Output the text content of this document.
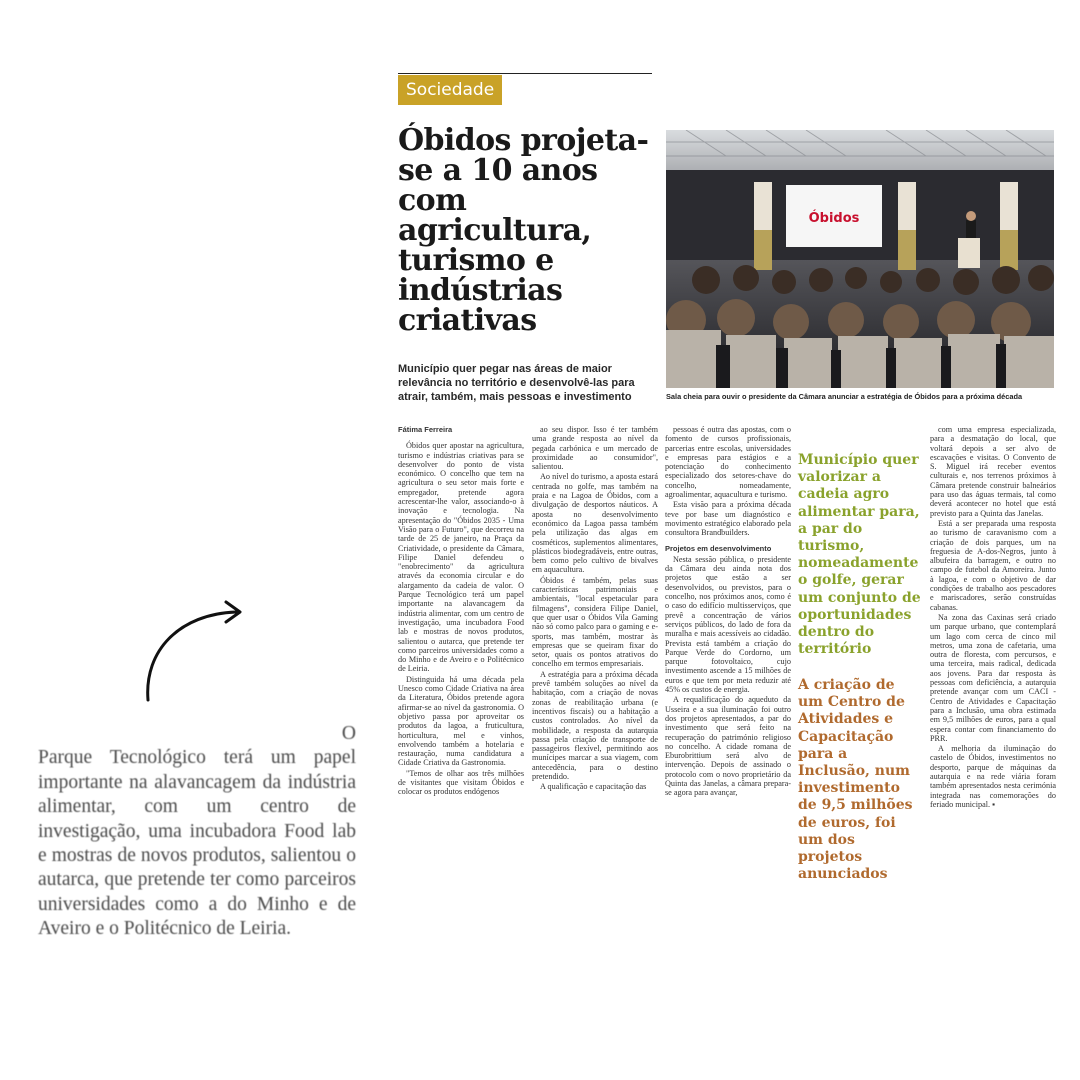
Sociedade
Óbidos projeta-se a 10 anos com agricultura, turismo e indústrias criativas
Município quer pegar nas áreas de maior relevância no território e desenvolvê-las para atrair, também, mais pessoas e investimento
Óbidos
Sala cheia para ouvir o presidente da Câmara anunciar a estratégia de Óbidos para a próxima década

Fátima Ferreira

Óbidos quer apostar na agricultura, turismo e indústrias criativas para se desenvolver do ponto de vista económico. O concelho que tem na agricultura o seu setor mais forte e empregador, pretende agora acrescentar-lhe valor, associando-o à inovação e tecnologia. Na apresentação do "Óbidos 2035 - Uma Visão para o Futuro", que decorreu na tarde de 25 de janeiro, na Praça da Criatividade, o presidente da Câmara, Filipe Daniel defendeu o "enobrecimento" da agricultura através da economia circular e do alargamento da cadeia de valor. O Parque Tecnológico terá um papel importante na alavancagem da indústria alimentar, com um centro de investigação, uma incubadora Food lab e mostras de novos produtos, salientou o autarca, que pretende ter como parceiros universidades como a do Minho e de Aveiro e o Politécnico de Leiria.

Distinguida há uma década pela Unesco como Cidade Criativa na área da Literatura, Óbidos pretende agora afirmar-se ao nível da gastronomia. O objetivo passa por aproveitar os produtos da lagoa, a fruticultura, horticultura, mel e vinhos, envolvendo também a hotelaria e restauração, numa candidatura a Cidade Criativa da Gastronomia.

"Temos de olhar aos três milhões de visitantes que visitam Óbidos e colocar os produtos endógenos

ao seu dispor. Isso é ter também uma grande resposta ao nível da pegada carbónica e um mercado de proximidade ao consumidor", salientou.

Ao nível do turismo, a aposta estará centrada no golfe, mas também na praia e na Lagoa de Óbidos, com a divulgação de desportos náuticos. A aposta no desenvolvimento económico da Lagoa passa também pela utilização das algas em cosméticos, suplementos alimentares, plásticos biodegradáveis, entre outras, bem como pelo cultivo de bivalves em aquacultura.

Óbidos é também, pelas suas características patrimoniais e ambientais, "local espetacular para filmagens", considera Filipe Daniel, que quer usar o Óbidos Vila Gaming não só como palco para o gaming e e-sports, mas também, mostrar às empresas que se queiram fixar do setor, quais os pontos atrativos do concelho em termos empresariais.

A estratégia para a próxima década prevê também soluções ao nível da habitação, com a criação de novas zonas de reabilitação urbana (e incentivos fiscais) ou a habitação a custos controlados. Ao nível da mobilidade, a resposta da autarquia passa pela criação de transporte de passageiros flexível, permitindo aos munícipes marcar a sua viagem, com antecedência, para o destino pretendido.

A qualificação e capacitação das

pessoas é outra das apostas, com o fomento de cursos profissionais, parcerias entre escolas, universidades e empresas para estágios e a potenciação do conhecimento especializado dos setores-chave do concelho, nomeadamente, agroalimentar, aquacultura e turismo.

Esta visão para a próxima década teve por base um diagnóstico e movimento estratégico elaborado pela consultora Brandbuilders.

Projetos em desenvolvimento

Nesta sessão pública, o presidente da Câmara deu ainda nota dos projetos que estão a ser desenvolvidos, ou previstos, para o concelho, nos próximos anos, como é o caso do edifício multisserviços, que prevê a concentração de vários serviços públicos, do lado de fora da muralha e mais acessíveis ao cidadão. Prevista está também a criação do Parque Verde do Cordorno, um parque fotovoltaico, cujo investimento ascende a 15 milhões de euros e que tem por meta reduzir até 45% os custos de energia.

A requalificação do aqueduto da Usseira e a sua iluminação foi outro dos projetos apresentados, a par do investimento que será feito na recuperação do património religioso no concelho. A cidade romana de Eburobrittium será alvo de intervenção. Depois de assinado o protocolo com o novo proprietário da Quinta das Janelas, a câmara prepara-se agora para avançar,

Município quer valorizar a cadeia agro alimentar para, a par do turismo, nomeadamente o golfe, gerar um conjunto de oportunidades dentro do território
A criação de um Centro de Atividades e Capacitação para a Inclusão, num investimento de 9,5 milhões de euros, foi um dos projetos anunciados

com uma empresa especializada, para a desmatação do local, que voltará depois a ser alvo de escavações e visitas. O Convento de S. Miguel irá receber eventos culturais e, nos terrenos próximos à Câmara pretende construir balneários para uso das águas termais, tal como deverá acontecer no hotel que está previsto para a Quinta das Janelas.

Está a ser preparada uma resposta ao turismo de caravanismo com a criação de dois parques, um na freguesia de A-dos-Negros, junto à albufeira da barragem, e outro no campo de futebol da Amoreira. Junto à lagoa, e com o objetivo de dar condições de trabalho aos pescadores e mariscadores, serão construídas cabanas.

Na zona das Caxinas será criado um parque urbano, que contemplará um lago com cerca de cinco mil metros, uma zona de cafetaria, uma outra de floresta, com percursos, e uma terceira, mais radical, dedicada aos jovens. Para dar resposta às pessoas com deficiência, a autarquia pretende avançar com um CACI - Centro de Atividades e Capacitação para a Inclusão, uma obra estimada em 9,5 milhões de euros, para a qual espera contar com financiamento do PRR.

A melhoria da iluminação do castelo de Óbidos, investimentos no desporto, parque de máquinas da autarquia e na rede viária foram também apresentados nesta cerimónia integrada nas comemorações do feriado municipal. ▪

O
Parque Tecnológico terá um papel importante na alavancagem da indústria alimentar, com um centro de investigação, uma incubadora Food lab e mostras de novos produtos, salientou o autarca, que pretende ter como parceiros universidades como a do Minho e de Aveiro e o Politécnico de Leiria.
